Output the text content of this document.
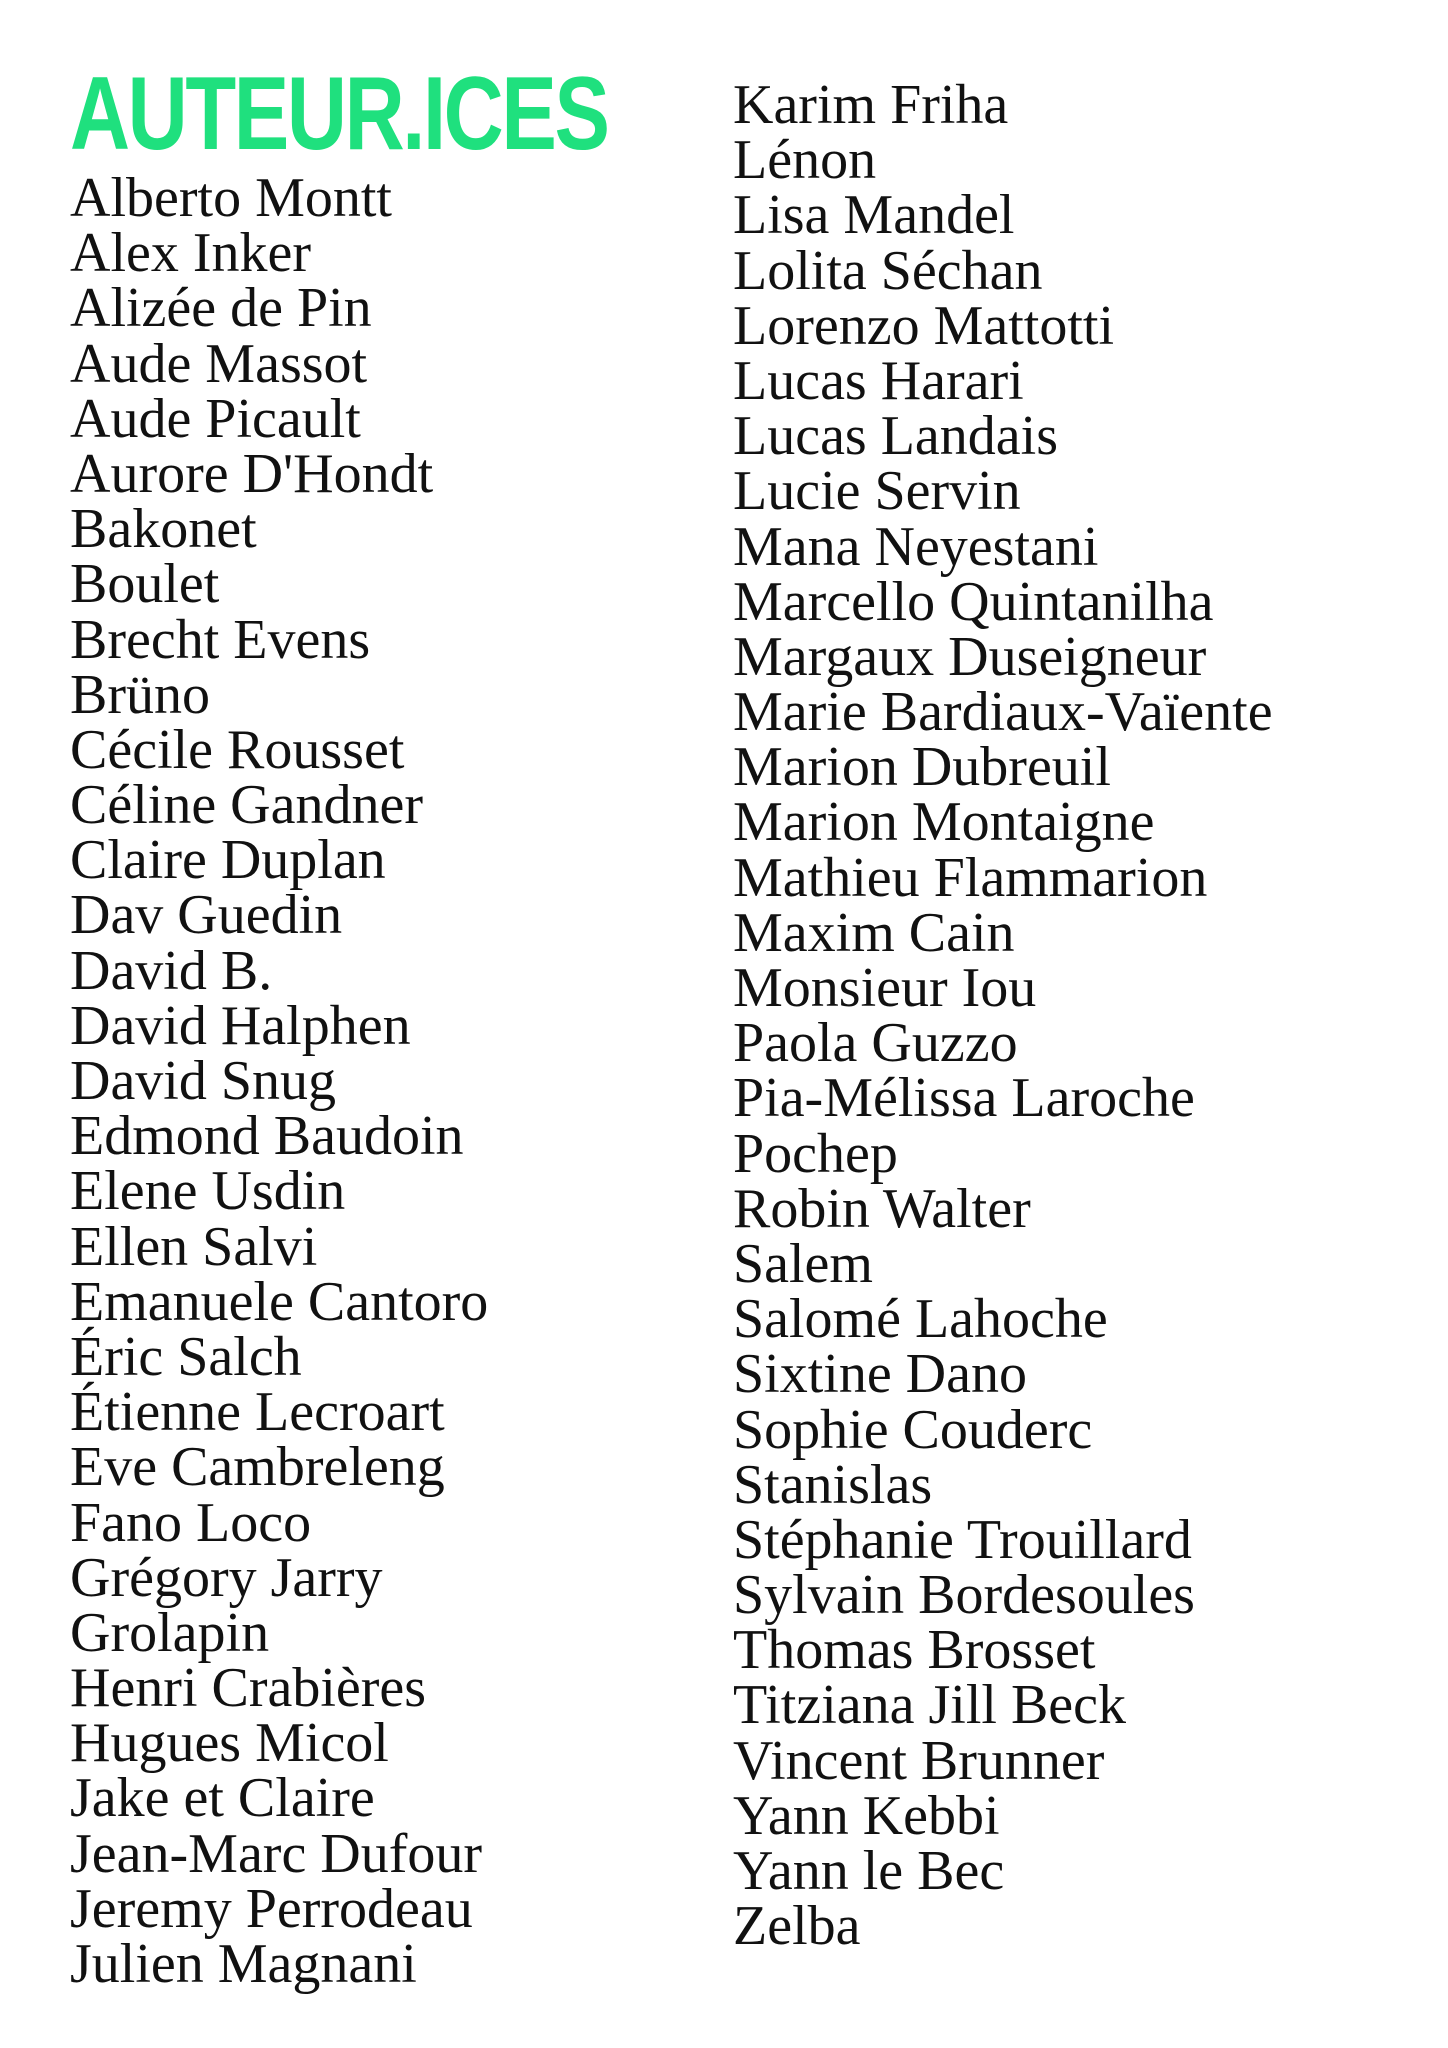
AUTEUR.ICES
Alberto Montt
Alex Inker
Alizée de Pin
Aude Massot
Aude Picault
Aurore D'Hondt
Bakonet
Boulet
Brecht Evens
Brüno
Cécile Rousset
Céline Gandner
Claire Duplan
Dav Guedin
David B.
David Halphen
David Snug
Edmond Baudoin
Elene Usdin
Ellen Salvi
Emanuele Cantoro
Éric Salch
Étienne Lecroart
Eve Cambreleng
Fano Loco
Grégory Jarry
Grolapin
Henri Crabières
Hugues Micol
Jake et Claire
Jean-Marc Dufour
Jeremy Perrodeau
Julien Magnani
Karim Friha
Lénon
Lisa Mandel
Lolita Séchan
Lorenzo Mattotti
Lucas Harari
Lucas Landais
Lucie Servin
Mana Neyestani
Marcello Quintanilha
Margaux Duseigneur
Marie Bardiaux-Vaïente
Marion Dubreuil
Marion Montaigne
Mathieu Flammarion
Maxim Cain
Monsieur Iou
Paola Guzzo
Pia-Mélissa Laroche
Pochep
Robin Walter
Salem
Salomé Lahoche
Sixtine Dano
Sophie Couderc
Stanislas
Stéphanie Trouillard
Sylvain Bordesoules
Thomas Brosset
Titziana Jill Beck
Vincent Brunner
Yann Kebbi
Yann le Bec
Zelba
